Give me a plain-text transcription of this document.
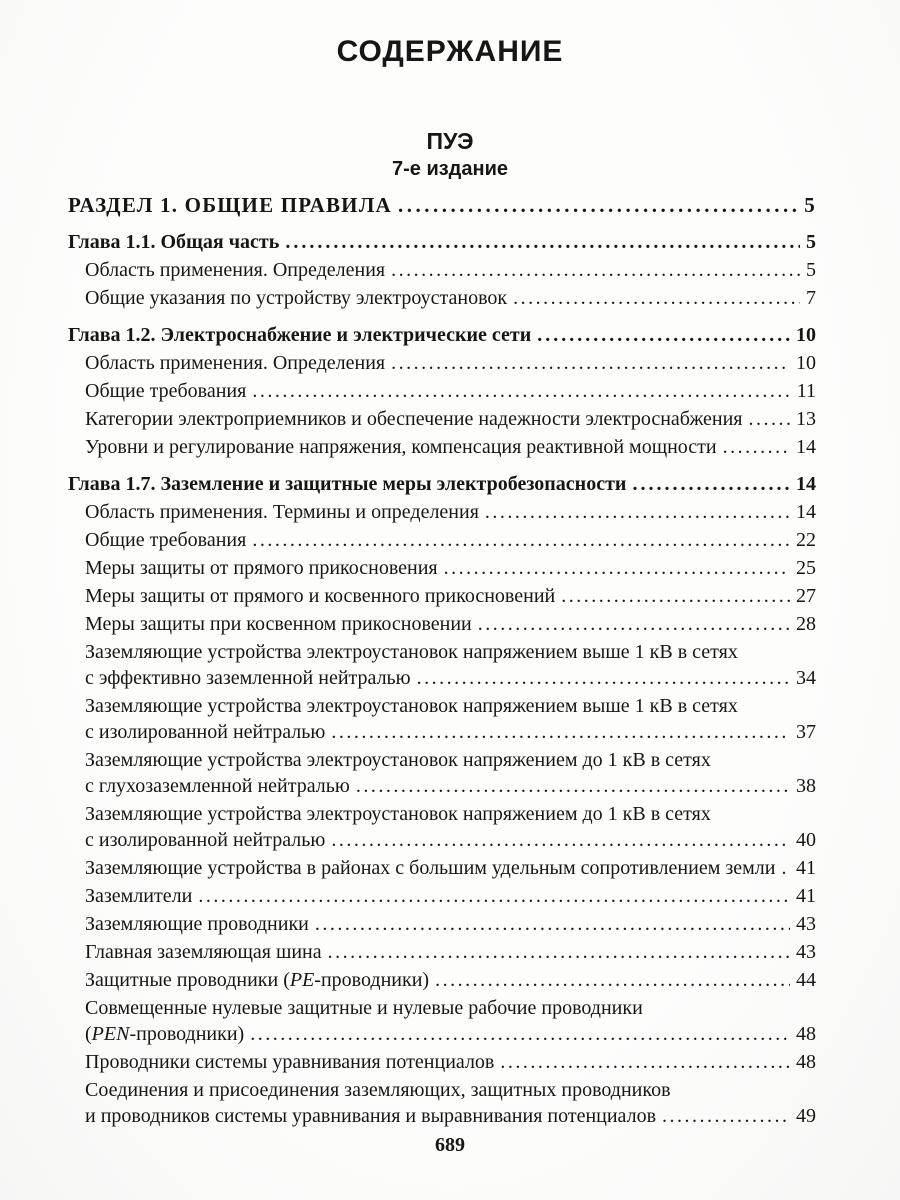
СОДЕРЖАНИЕ
ПУЭ
7-е издание
РАЗДЕЛ 1. ОБЩИЕ ПРАВИЛА .....	5
Глава 1.1. Общая часть .....	5
Область применения. Определения .....	5
Общие указания по устройству электроустановок .....	7
Глава 1.2. Электроснабжение и электрические сети .....	10
Область применения. Определения .....	10
Общие требования .....	11
Категории электроприемников и обеспечение надежности электроснабжения .....	13
Уровни и регулирование напряжения, компенсация реактивной мощности .....	14
Глава 1.7. Заземление и защитные меры электробезопасности .....	14
Область применения. Термины и определения .....	14
Общие требования .....	22
Меры защиты от прямого прикосновения .....	25
Меры защиты от прямого и косвенного прикосновений .....	27
Меры защиты при косвенном прикосновении .....	28
Заземляющие устройства электроустановок напряжением выше 1 кВ в сетях
с эффективно заземленной нейтралью .....	34
Заземляющие устройства электроустановок напряжением выше 1 кВ в сетях
с изолированной нейтралью .....	37
Заземляющие устройства электроустановок напряжением до 1 кВ в сетях
с глухозаземленной нейтралью .....	38
Заземляющие устройства электроустановок напряжением до 1 кВ в сетях
с изолированной нейтралью .....	40
Заземляющие устройства в районах с большим удельным сопротивлением земли ..... 41
Заземлители .....	41
Заземляющие проводники .....	43
Главная заземляющая шина .....	43
Защитные проводники (PE-проводники) .....	44
Совмещенные нулевые защитные и нулевые рабочие проводники
(PEN-проводники) .....	48
Проводники системы уравнивания потенциалов .....	48
Соединения и присоединения заземляющих, защитных проводников
и проводников системы уравнивания и выравнивания потенциалов .....	49
689
